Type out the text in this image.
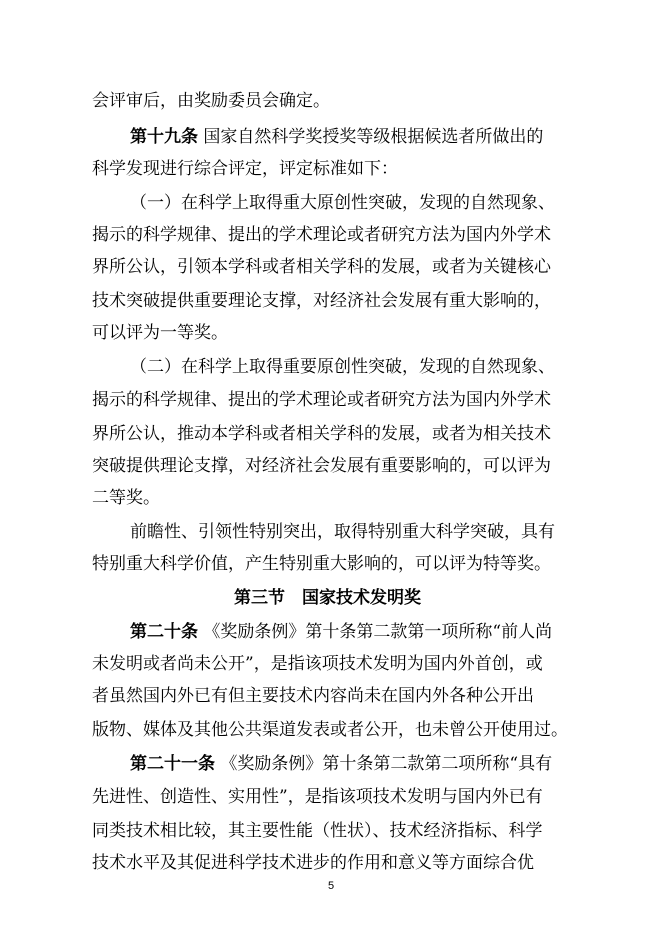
会评审后，由奖励委员会确定。
第十九条 国家自然科学奖授奖等级根据候选者所做出的
科学发现进行综合评定，评定标准如下：
（一）在科学上取得重大原创性突破，发现的自然现象、
揭示的科学规律、提出的学术理论或者研究方法为国内外学术
界所公认，引领本学科或者相关学科的发展，或者为关键核心
技术突破提供重要理论支撑，对经济社会发展有重大影响的，
可以评为一等奖。
（二）在科学上取得重要原创性突破，发现的自然现象、
揭示的科学规律、提出的学术理论或者研究方法为国内外学术
界所公认，推动本学科或者相关学科的发展，或者为相关技术
突破提供理论支撑，对经济社会发展有重要影响的，可以评为
二等奖。
前瞻性、引领性特别突出，取得特别重大科学突破，具有
特别重大科学价值，产生特别重大影响的，可以评为特等奖。
第三节　国家技术发明奖
第二十条 《奖励条例》第十条第二款第一项所称“前人尚
未发明或者尚未公开”，是指该项技术发明为国内外首创，或
者虽然国内外已有但主要技术内容尚未在国内外各种公开出
版物、媒体及其他公共渠道发表或者公开，也未曾公开使用过。
第二十一条 《奖励条例》第十条第二款第二项所称“具有
先进性、创造性、实用性”，是指该项技术发明与国内外已有
同类技术相比较，其主要性能（性状）、技术经济指标、科学
技术水平及其促进科学技术进步的作用和意义等方面综合优
5
